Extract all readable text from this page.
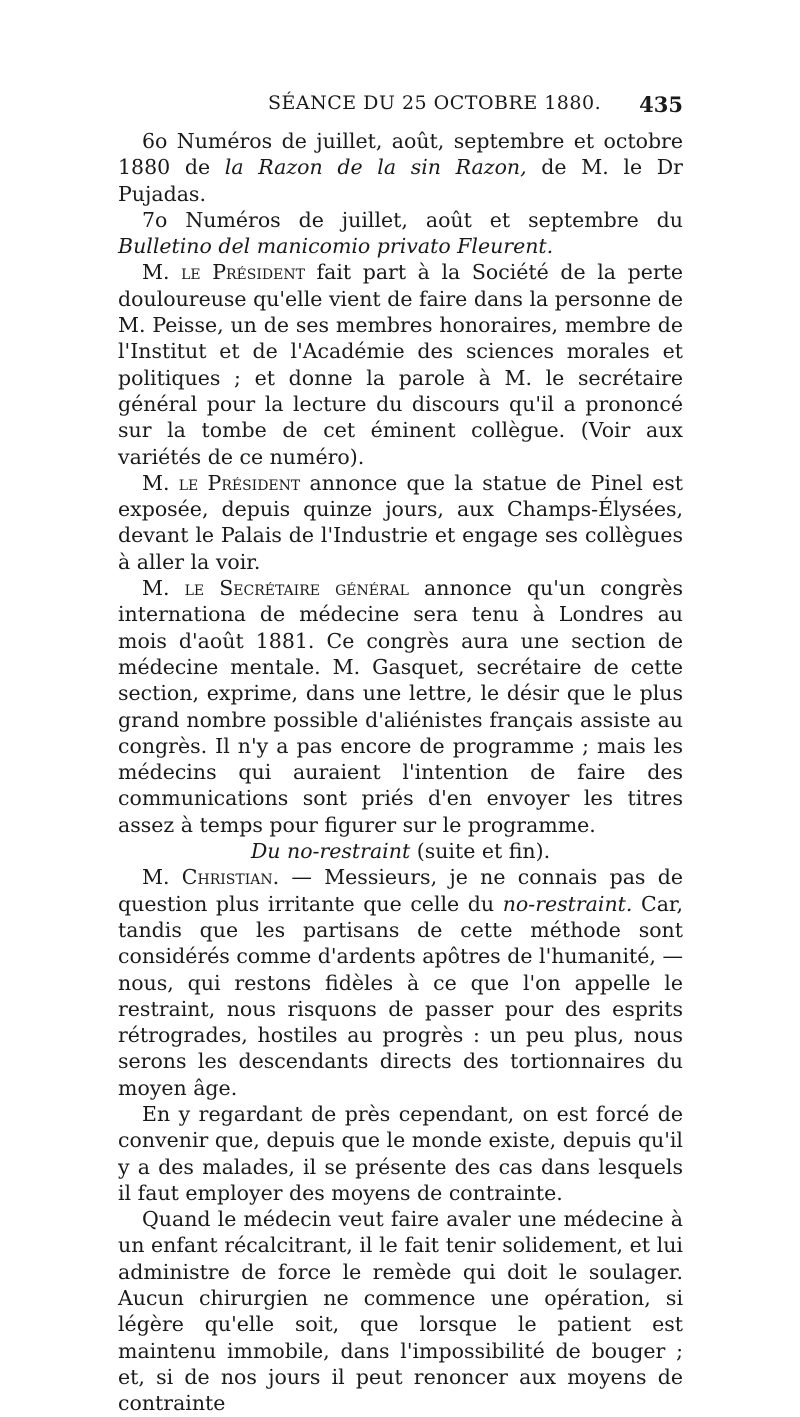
SÉANCE DU 25 OCTOBRE 1880. 435

6o Numéros de juillet, août, septembre et octobre 1880 de la Razon de la sin Razon, de M. le Dr Pujadas.

7o Numéros de juillet, août et septembre du Bulletino del manicomio privato Fleurent.

M. le Président fait part à la Société de la perte douloureuse qu'elle vient de faire dans la personne de M. Peisse, un de ses membres honoraires, membre de l'Institut et de l'Académie des sciences morales et politiques ; et donne la parole à M. le secrétaire général pour la lecture du discours qu'il a prononcé sur la tombe de cet éminent collègue. (Voir aux variétés de ce numéro).

M. le Président annonce que la statue de Pinel est exposée, depuis quinze jours, aux Champs-Élysées, devant le Palais de l'Industrie et engage ses collègues à aller la voir.

M. le Secrétaire général annonce qu'un congrès internationa de médecine sera tenu à Londres au mois d'août 1881. Ce congrès aura une section de médecine mentale. M. Gasquet, secrétaire de cette section, exprime, dans une lettre, le désir que le plus grand nombre possible d'aliénistes français assiste au congrès. Il n'y a pas encore de programme ; mais les médecins qui auraient l'intention de faire des communications sont priés d'en envoyer les titres assez à temps pour figurer sur le programme.

Du no-restraint (suite et fin).

M. Christian. — Messieurs, je ne connais pas de question plus irritante que celle du no-restraint. Car, tandis que les partisans de cette méthode sont considérés comme d'ardents apôtres de l'humanité, — nous, qui restons fidèles à ce que l'on appelle le restraint, nous risquons de passer pour des esprits rétrogrades, hostiles au progrès : un peu plus, nous serons les descendants directs des tortionnaires du moyen âge.

En y regardant de près cependant, on est forcé de convenir que, depuis que le monde existe, depuis qu'il y a des malades, il se présente des cas dans lesquels il faut employer des moyens de contrainte.

Quand le médecin veut faire avaler une médecine à un enfant récalcitrant, il le fait tenir solidement, et lui administre de force le remède qui doit le soulager. Aucun chirurgien ne commence une opération, si légère qu'elle soit, que lorsque le patient est maintenu immobile, dans l'impossibilité de bouger ; et, si de nos jours il peut renoncer aux moyens de contrainte
